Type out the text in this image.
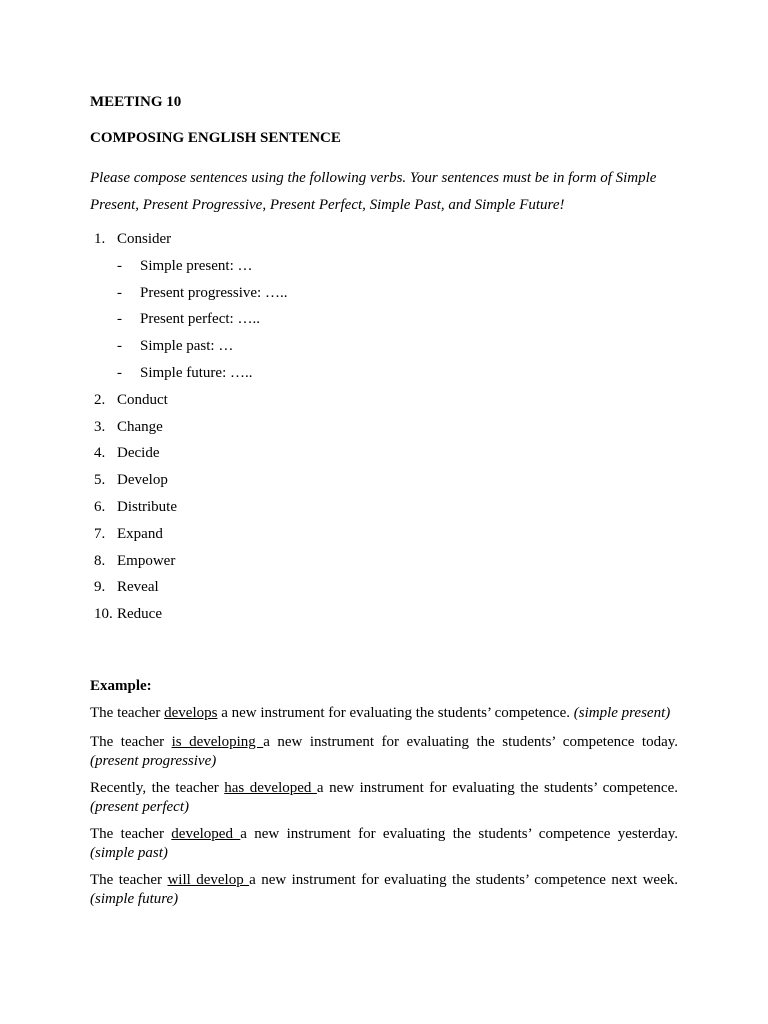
MEETING 10

COMPOSING ENGLISH SENTENCE

Please compose sentences using the following verbs. Your sentences must be in form of Simple Present, Present Progressive, Present Perfect, Simple Past, and Simple Future!

1. Consider
- Simple present: …
- Present progressive: …..
- Present perfect: …..
- Simple past: …
- Simple future: …..
2. Conduct
3. Change
4. Decide
5. Develop
6. Distribute
7. Expand
8. Empower
9. Reveal
10. Reduce

Example:

The teacher develops a new instrument for evaluating the students’ competence. (simple present)

The teacher is developing a new instrument for evaluating the students’ competence today. (present progressive)

Recently, the teacher has developed a new instrument for evaluating the students’ competence. (present perfect)

The teacher developed a new instrument for evaluating the students’ competence yesterday. (simple past)

The teacher will develop a new instrument for evaluating the students’ competence next week. (simple future)
